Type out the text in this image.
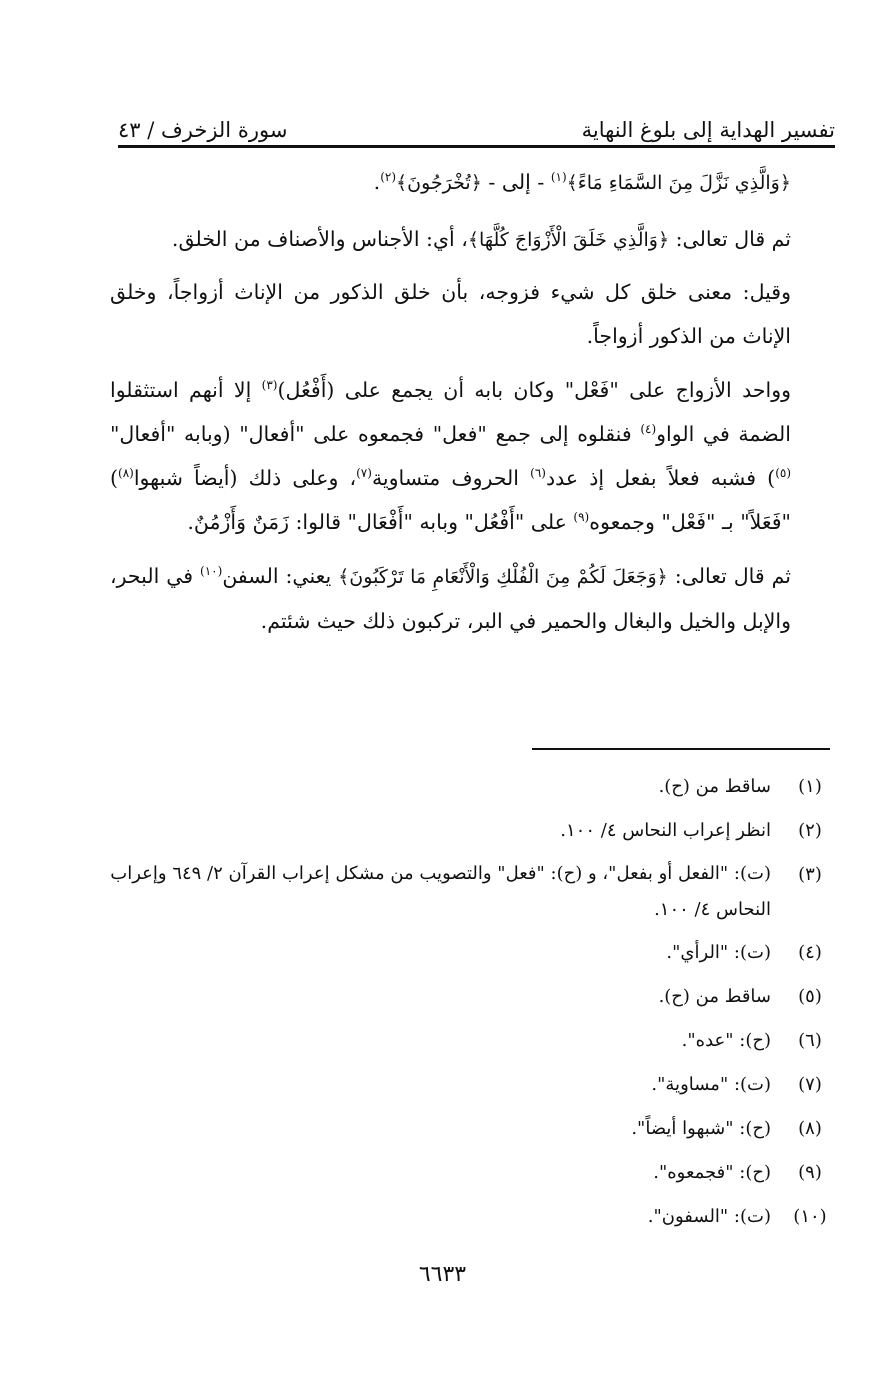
تفسير الهداية إلى بلوغ النهاية
سورة الزخرف / ٤٣

﴿وَالَّذِي نَزَّلَ مِنَ السَّمَاءِ مَاءً﴾$^{(١)}$ - إلى - ﴿تُخْرَجُونَ﴾$^{(٢)}$.

ثم قال تعالى: ﴿وَالَّذِي خَلَقَ الْأَزْوَاجَ كُلَّهَا﴾، أي: الأجناس والأصناف من الخلق.

وقيل: معنى خلق كل شيء فزوجه، بأن خلق الذكور من الإناث أزواجاً، وخلق الإناث من الذكور أزواجاً.

وواحد الأزواج على "فَعْل" وكان بابه أن يجمع على (أَفْعُل)$^{(٣)}$ إلا أنهم استثقلوا الضمة في الواو$^{(٤)}$ فنقلوه إلى جمع "فعل" فجمعوه على "أفعال" (وبابه "أفعال"$^{(٥)}$) فشبه فعلاً بفعل إذ عدد$^{(٦)}$ الحروف متساوية$^{(٧)}$، وعلى ذلك (أيضاً شبهوا$^{(٨)}$) "فَعَلاً" بـ "فَعْل" وجمعوه$^{(٩)}$ على "أَفْعُل" وبابه "أَفْعَال" قالوا: زَمَنٌ وَأَزْمُنٌ.

ثم قال تعالى: ﴿وَجَعَلَ لَكُمْ مِنَ الْفُلْكِ وَالْأَنْعَامِ مَا تَرْكَبُونَ﴾ يعني: السفن$^{(١٠)}$ في البحر، والإبل والخيل والبغال والحمير في البر، تركبون ذلك حيث شئتم.

(١)
ساقط من (ح).
(٢)
انظر إعراب النحاس ٤/ ١٠٠.
(٣)
(ت): "الفعل أو بفعل"، و (ح): "فعل" والتصويب من مشكل إعراب القرآن ٢/ ٦٤٩ وإعراب النحاس ٤/ ١٠٠.
(٤)
(ت): "الرأي".
(٥)
ساقط من (ح).
(٦)
(ح): "عده".
(٧)
(ت): "مساوية".
(٨)
(ح): "شبهوا أيضاً".
(٩)
(ح): "فجمعوه".
(١٠)
(ت): "السفون".
٦٦٣٣
